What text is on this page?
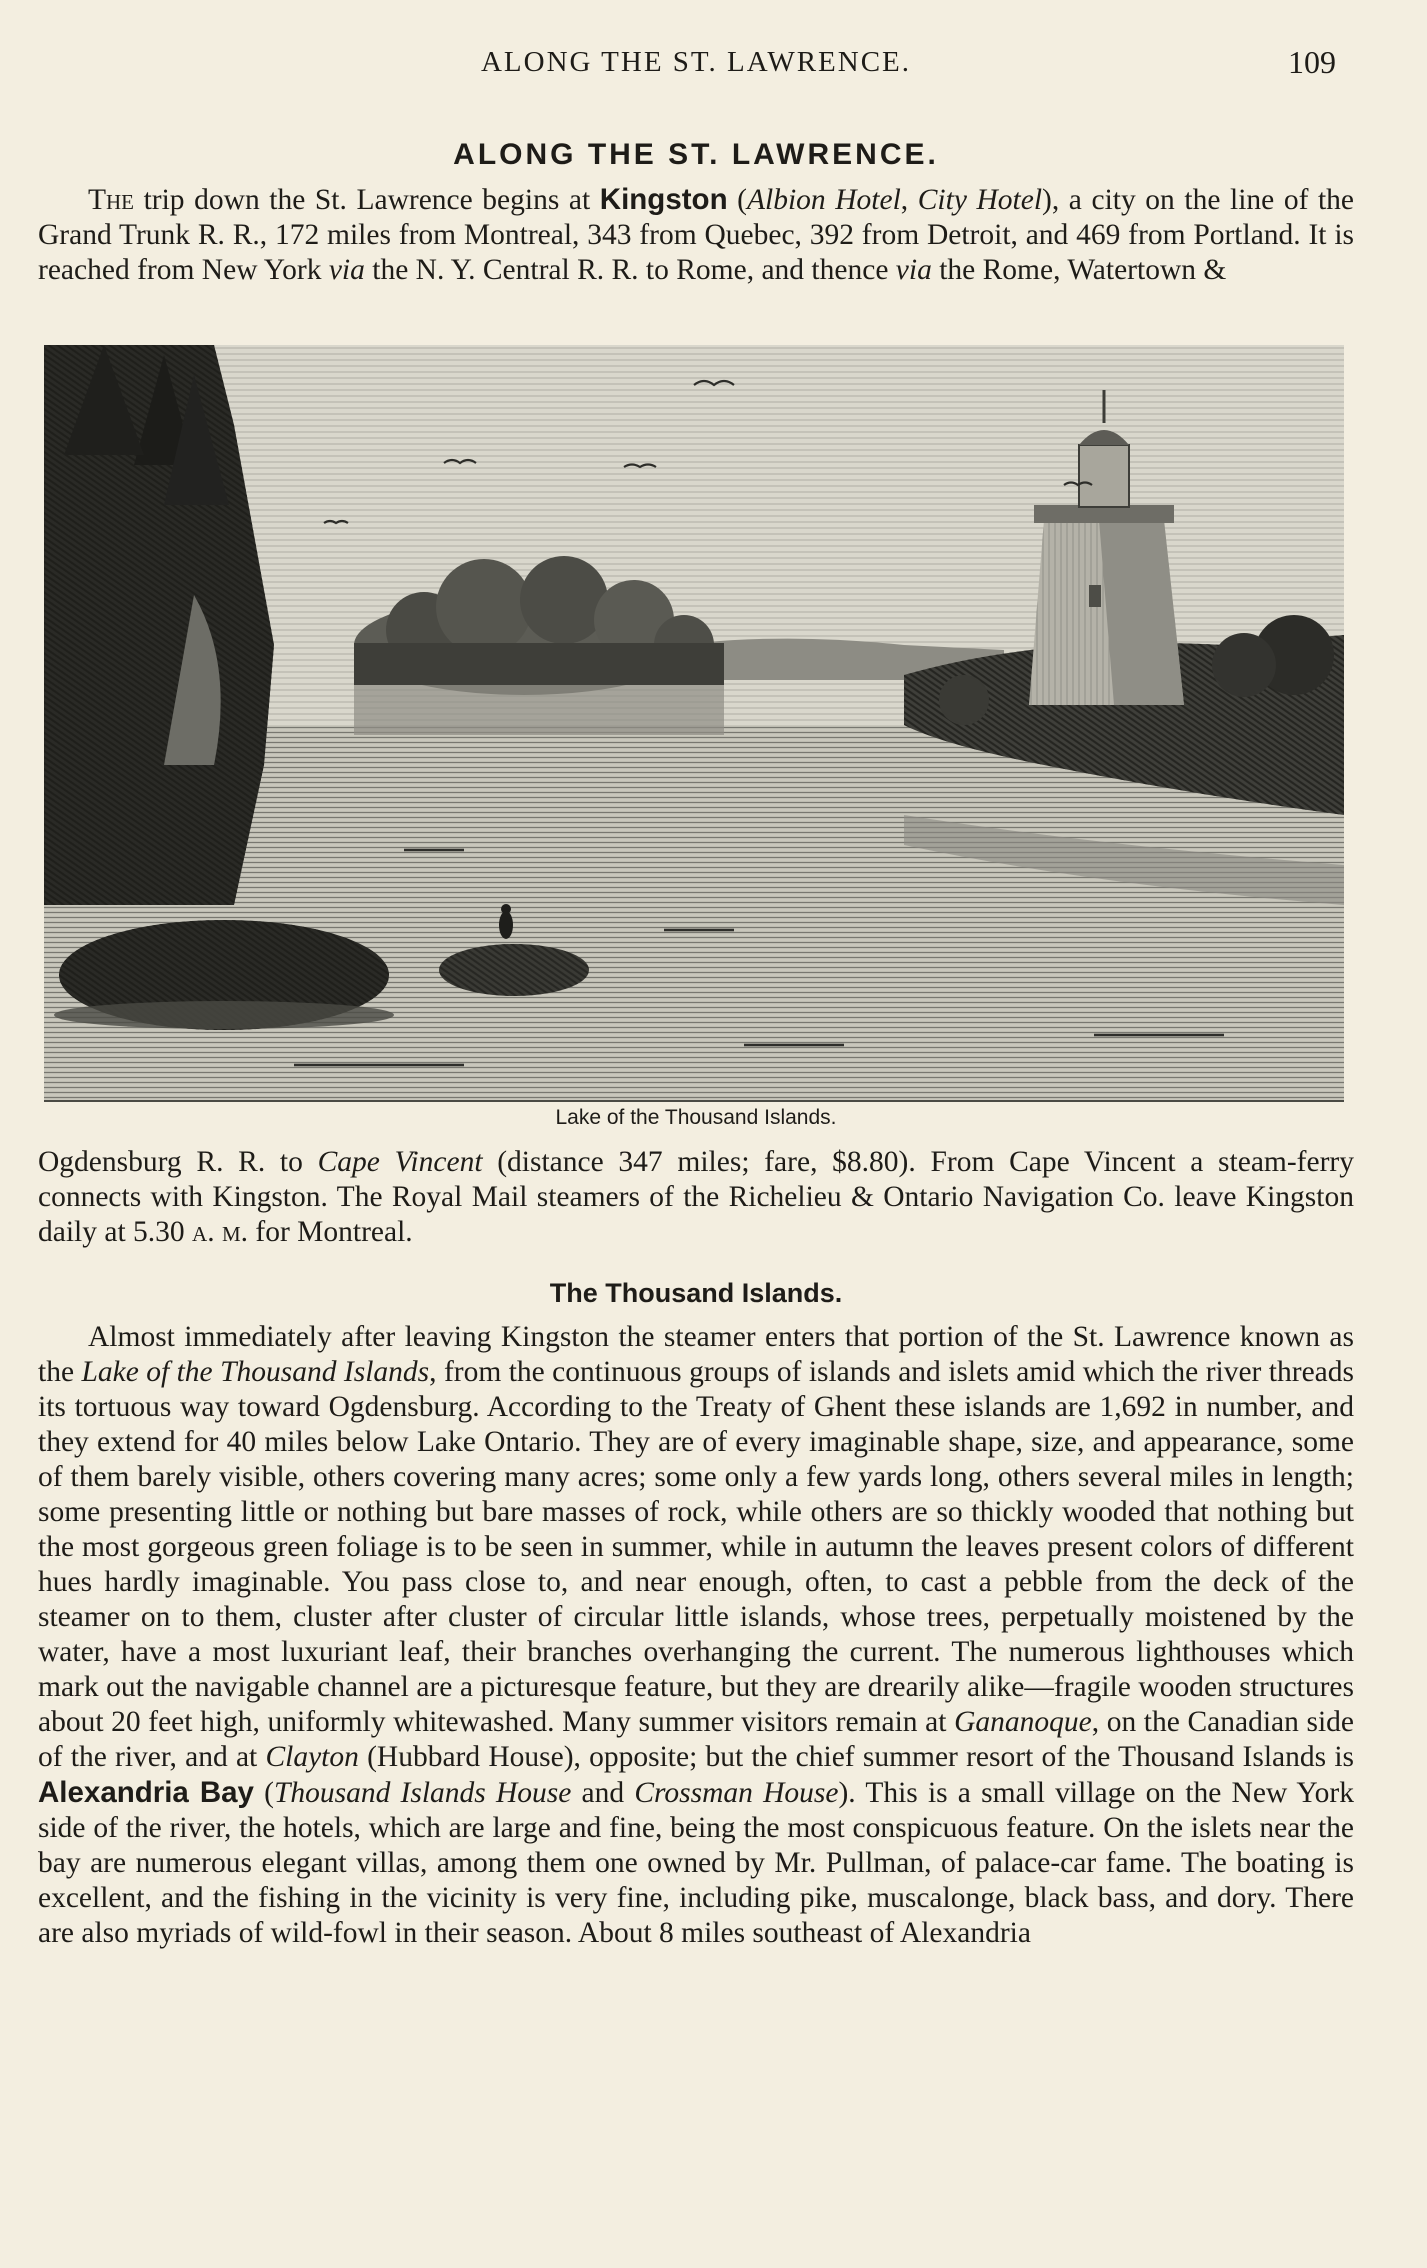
ALONG THE ST. LAWRENCE.	109
ALONG THE ST. LAWRENCE.

The trip down the St. Lawrence begins at Kingston (Albion Hotel, City Hotel), a city on the line of the Grand Trunk R. R., 172 miles from Montreal, 343 from Quebec, 392 from Detroit, and 469 from Portland. It is reached from New York via the N. Y. Central R. R. to Rome, and thence via the Rome, Watertown &

Lake of the Thousand Islands.

Ogdensburg R. R. to Cape Vincent (distance 347 miles; fare, $8.80). From Cape Vincent a steam-ferry connects with Kingston. The Royal Mail steamers of the Richelieu & Ontario Navigation Co. leave Kingston daily at 5.30 a. m. for Montreal.

The Thousand Islands.

Almost immediately after leaving Kingston the steamer enters that portion of the St. Lawrence known as the Lake of the Thousand Islands, from the continuous groups of islands and islets amid which the river threads its tortuous way toward Ogdensburg. According to the Treaty of Ghent these islands are 1,692 in number, and they extend for 40 miles below Lake Ontario. They are of every imaginable shape, size, and appearance, some of them barely visible, others covering many acres; some only a few yards long, others several miles in length; some presenting little or nothing but bare masses of rock, while others are so thickly wooded that nothing but the most gorgeous green foliage is to be seen in summer, while in autumn the leaves present colors of different hues hardly imaginable. You pass close to, and near enough, often, to cast a pebble from the deck of the steamer on to them, cluster after cluster of circular little islands, whose trees, perpetually moistened by the water, have a most luxuriant leaf, their branches overhanging the current. The numerous lighthouses which mark out the navigable channel are a picturesque feature, but they are drearily alike—fragile wooden structures about 20 feet high, uniformly whitewashed. Many summer visitors remain at Gananoque, on the Canadian side of the river, and at Clayton (Hubbard House), opposite; but the chief summer resort of the Thousand Islands is Alexandria Bay (Thousand Islands House and Crossman House). This is a small village on the New York side of the river, the hotels, which are large and fine, being the most conspicuous feature. On the islets near the bay are numerous elegant villas, among them one owned by Mr. Pullman, of palace-car fame. The boating is excellent, and the fishing in the vicinity is very fine, including pike, muscalonge, black bass, and dory. There are also myriads of wild-fowl in their season. About 8 miles southeast of Alexandria
